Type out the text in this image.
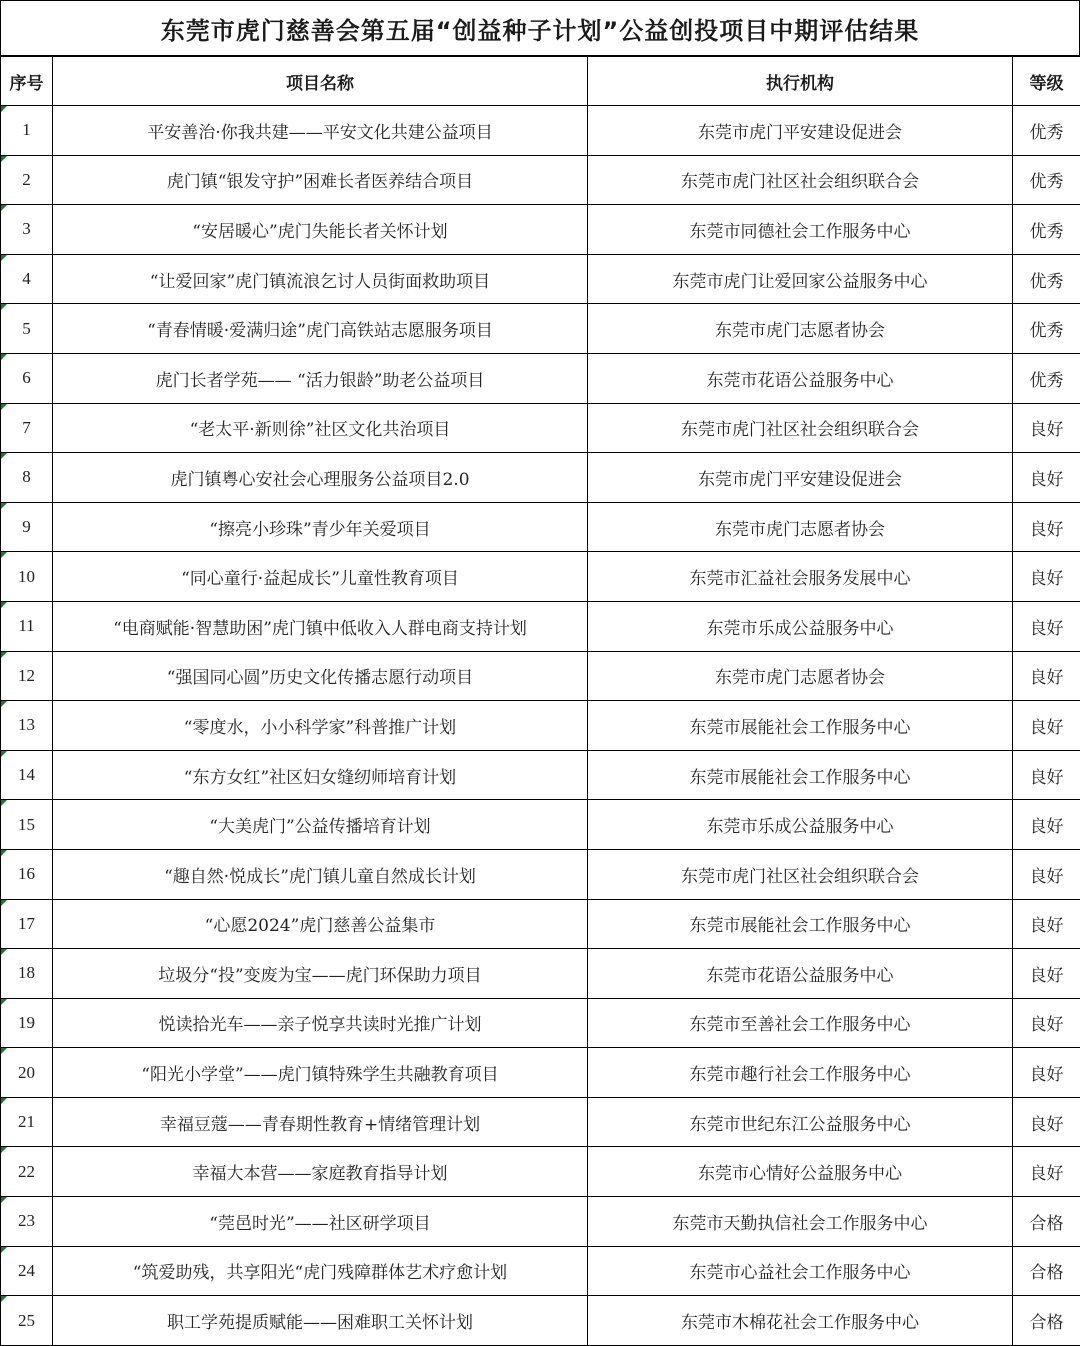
东莞市虎门慈善会第五届“创益种子计划”公益创投项目中期评估结果
序号	项目名称	执行机构	等级
1	平安善治·你我共建——平安文化共建公益项目	东莞市虎门平安建设促进会	优秀
2	虎门镇“银发守护”困难长者医养结合项目	东莞市虎门社区社会组织联合会	优秀
3	“安居暖心”虎门失能长者关怀计划	东莞市同德社会工作服务中心	优秀
4	“让爱回家”虎门镇流浪乞讨人员街面救助项目	东莞市虎门让爱回家公益服务中心	优秀
5	“青春情暖·爱满归途”虎门高铁站志愿服务项目	东莞市虎门志愿者协会	优秀
6	虎门长者学苑—— “活力银龄”助老公益项目	东莞市花语公益服务中心	优秀
7	“老太平·新则徐”社区文化共治项目	东莞市虎门社区社会组织联合会	良好
8	虎门镇粤心安社会心理服务公益项目2.0	东莞市虎门平安建设促进会	良好
9	“擦亮小珍珠”青少年关爱项目	东莞市虎门志愿者协会	良好
10	“同心童行·益起成长”儿童性教育项目	东莞市汇益社会服务发展中心	良好
11	“电商赋能·智慧助困”虎门镇中低收入人群电商支持计划	东莞市乐成公益服务中心	良好
12	“强国同心圆”历史文化传播志愿行动项目	东莞市虎门志愿者协会	良好
13	“零度水，小小科学家”科普推广计划	东莞市展能社会工作服务中心	良好
14	“东方女红”社区妇女缝纫师培育计划	东莞市展能社会工作服务中心	良好
15	“大美虎门”公益传播培育计划	东莞市乐成公益服务中心	良好
16	“趣自然·悦成长”虎门镇儿童自然成长计划	东莞市虎门社区社会组织联合会	良好
17	“心愿2024”虎门慈善公益集市	东莞市展能社会工作服务中心	良好
18	垃圾分“投”变废为宝——虎门环保助力项目	东莞市花语公益服务中心	良好
19	悦读拾光车——亲子悦享共读时光推广计划	东莞市至善社会工作服务中心	良好
20	“阳光小学堂”——虎门镇特殊学生共融教育项目	东莞市趣行社会工作服务中心	良好
21	幸福豆蔻——青春期性教育+情绪管理计划	东莞市世纪东江公益服务中心	良好
22	幸福大本营——家庭教育指导计划	东莞市心情好公益服务中心	良好
23	“莞邑时光”——社区研学项目	东莞市天勤执信社会工作服务中心	合格
24	“筑爱助残，共享阳光“虎门残障群体艺术疗愈计划	东莞市心益社会工作服务中心	合格
25	职工学苑提质赋能——困难职工关怀计划	东莞市木棉花社会工作服务中心	合格
